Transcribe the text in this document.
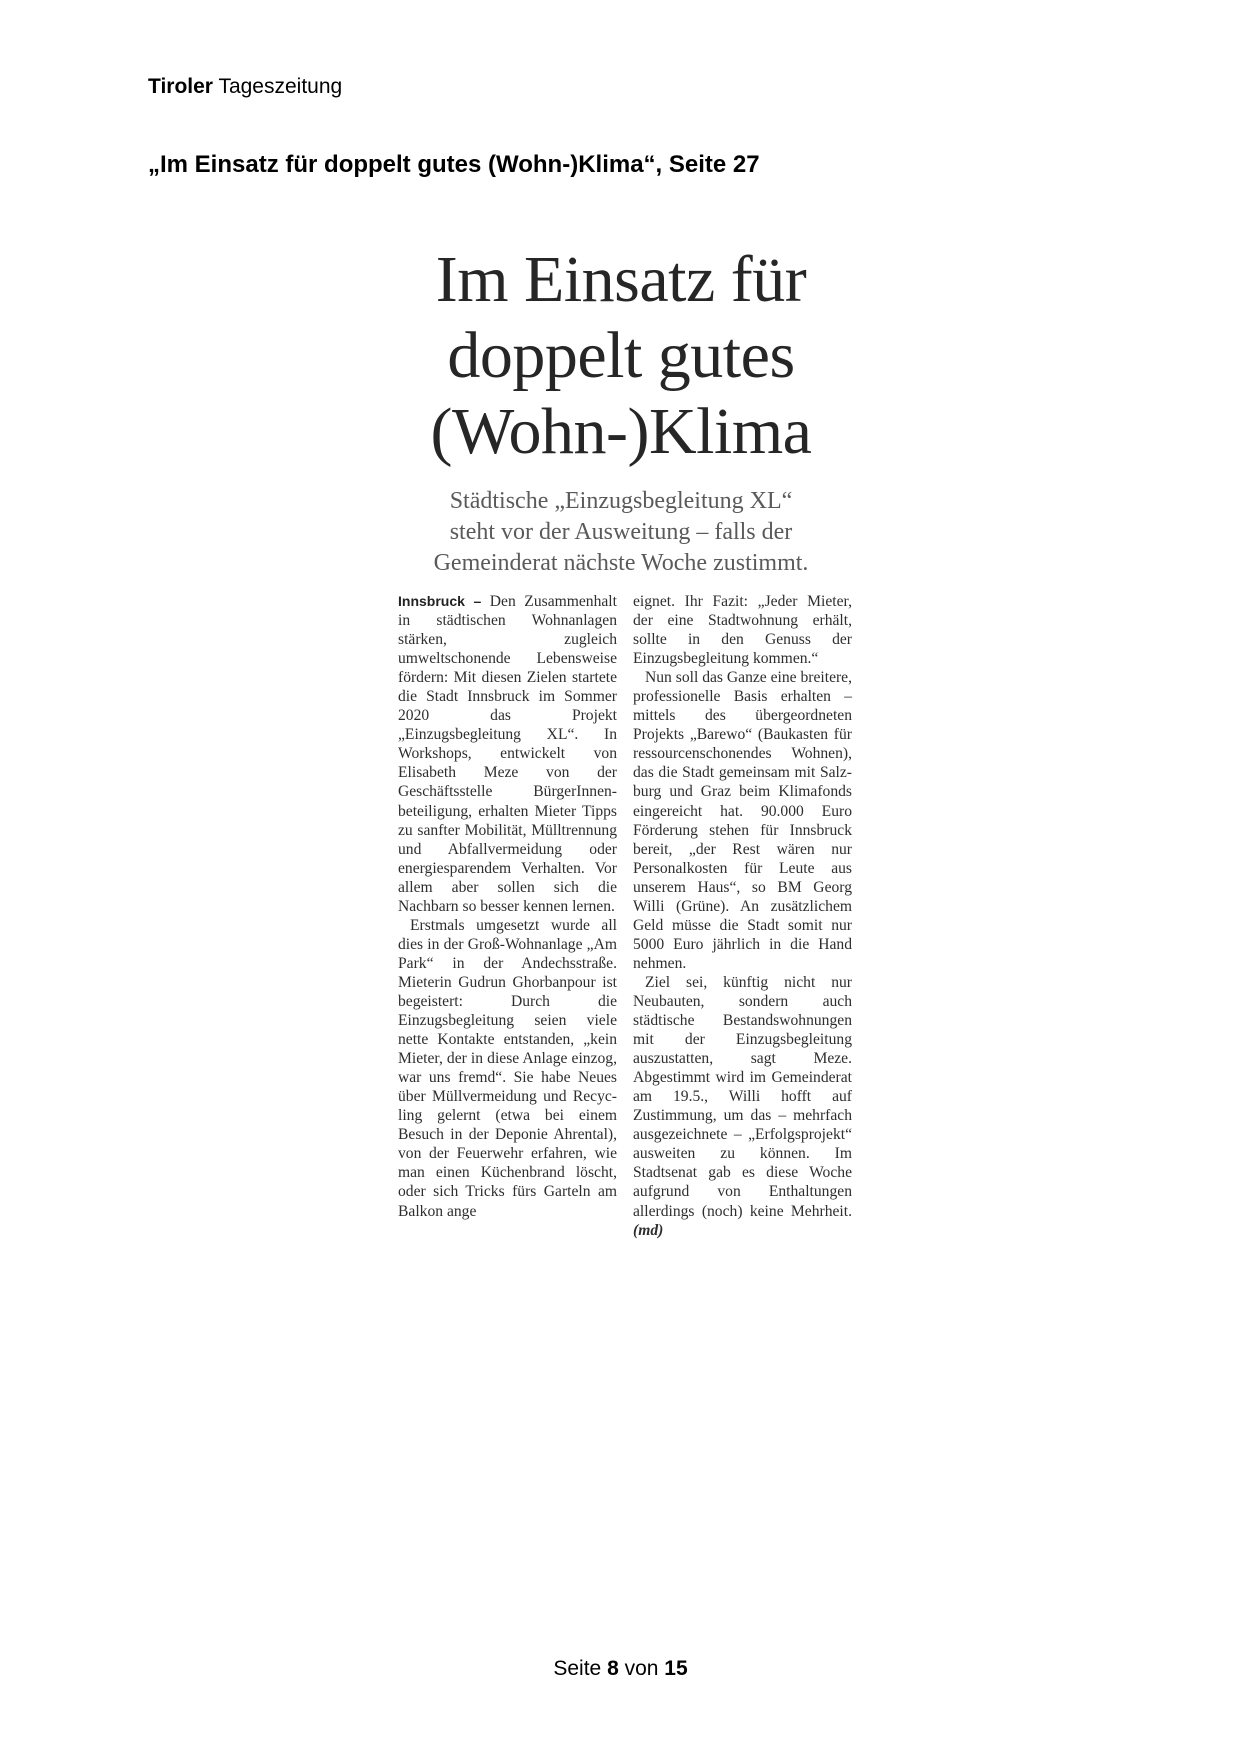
Tiroler Tageszeitung
„Im Einsatz für doppelt gutes (Wohn-)Klima“, Seite 27
Im Einsatz für
doppelt gutes
(Wohn-)Klima
Städtische „Einzugsbegleitung XL“
steht vor der Ausweitung – falls der
Gemeinderat nächste Woche zustimmt.

Innsbruck – Den Zusammenhalt in städtischen Wohnanlagen stärken, zugleich umweltschonende Lebensweise fördern: Mit diesen Zielen startete die Stadt Innsbruck im Sommer 2020 das Projekt „Einzugsbegleitung XL“. In Workshops, entwickelt von Elisabeth Meze von der Geschäftsstelle BürgerInnenbeteiligung, erhalten Mieter Tipps zu sanfter Mobilität, Mülltrennung und Abfallvermeidung oder energiesparendem Verhalten. Vor allem aber sollen sich die Nachbarn so besser kennen lernen.

Erstmals umgesetzt wurde all dies in der Groß-Wohnanlage „Am Park“ in der Andechsstraße. Mieterin Gudrun Ghorbanpour ist begeistert: Durch die Einzugsbegleitung seien viele nette Kontakte entstanden, „kein Mieter, der in diese Anlage einzog, war uns fremd“. Sie habe Neues über Müllvermeidung und Recycling gelernt (etwa bei einem Besuch in der Deponie Ahrental), von der Feuerwehr erfahren, wie man einen Küchenbrand löscht, oder sich Tricks fürs Garteln am Balkon ange

eignet. Ihr Fazit: „Jeder Mieter, der eine Stadtwohnung erhält, sollte in den Genuss der Einzugsbegleitung kommen.“

Nun soll das Ganze eine breitere, professionelle Basis erhalten – mittels des übergeordneten Projekts „Barewo“ (Baukasten für ressourcenschonendes Wohnen), das die Stadt gemeinsam mit Salzburg und Graz beim Klimafonds eingereicht hat. 90.000 Euro Förderung stehen für Innsbruck bereit, „der Rest wären nur Personalkosten für Leute aus unserem Haus“, so BM Georg Willi (Grüne). An zusätzlichem Geld müsse die Stadt somit nur 5000 Euro jährlich in die Hand nehmen.

Ziel sei, künftig nicht nur Neubauten, sondern auch städtische Bestandswohnungen mit der Einzugsbegleitung auszustatten, sagt Meze. Abgestimmt wird im Gemeinderat am 19.5., Willi hofft auf Zustimmung, um das – mehrfach ausgezeichnete – „Erfolgsprojekt“ ausweiten zu können. Im Stadtsenat gab es diese Woche aufgrund von Enthaltungen allerdings (noch) keine Mehrheit. (md)

Seite 8 von 15
